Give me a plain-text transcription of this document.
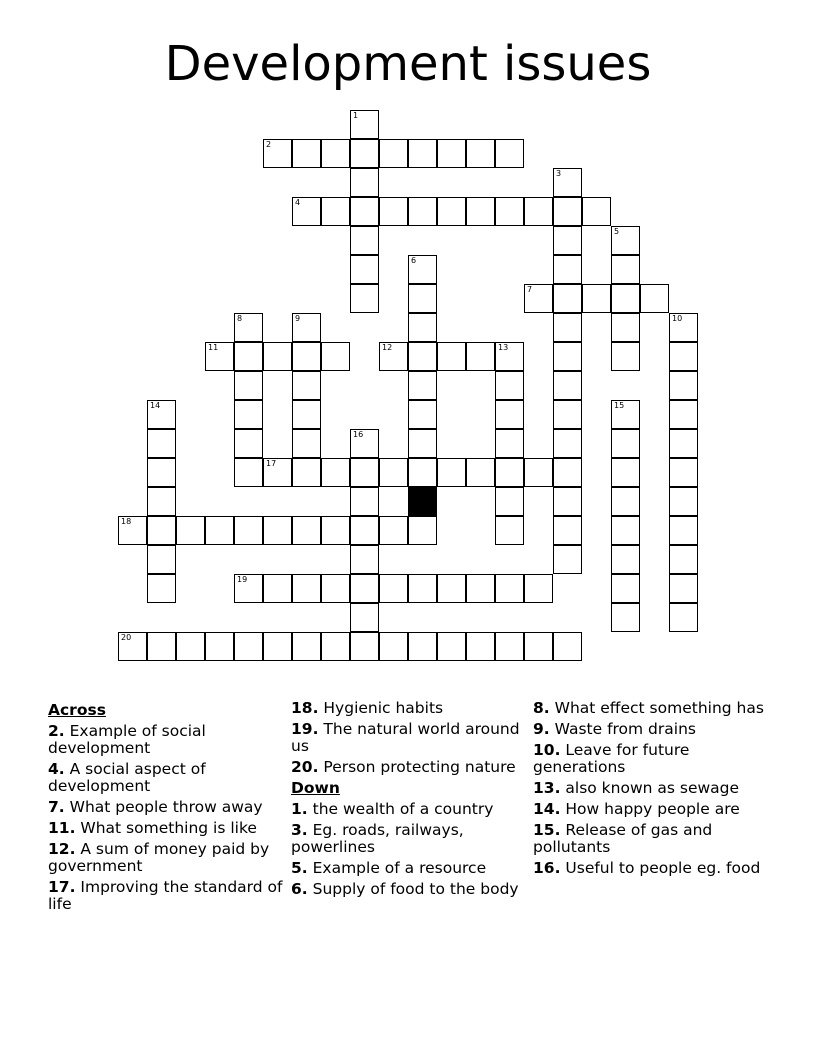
Development issues
1
2
3
4
5
6
7
8	9	10
11	12	13
14	15
16
17
18
19
20
Across
2. Example of social development
4. A social aspect of development
7. What people throw away
11. What something is like
12. A sum of money paid by government
17. Improving the standard of life
18. Hygienic habits
19. The natural world around us
20. Person protecting nature
Down
1. the wealth of a country
3. Eg. roads, railways, powerlines
5. Example of a resource
6. Supply of food to the body
8. What effect something has
9. Waste from drains
10. Leave for future generations
13. also known as sewage
14. How happy people are
15. Release of gas and pollutants
16. Useful to people eg. food
